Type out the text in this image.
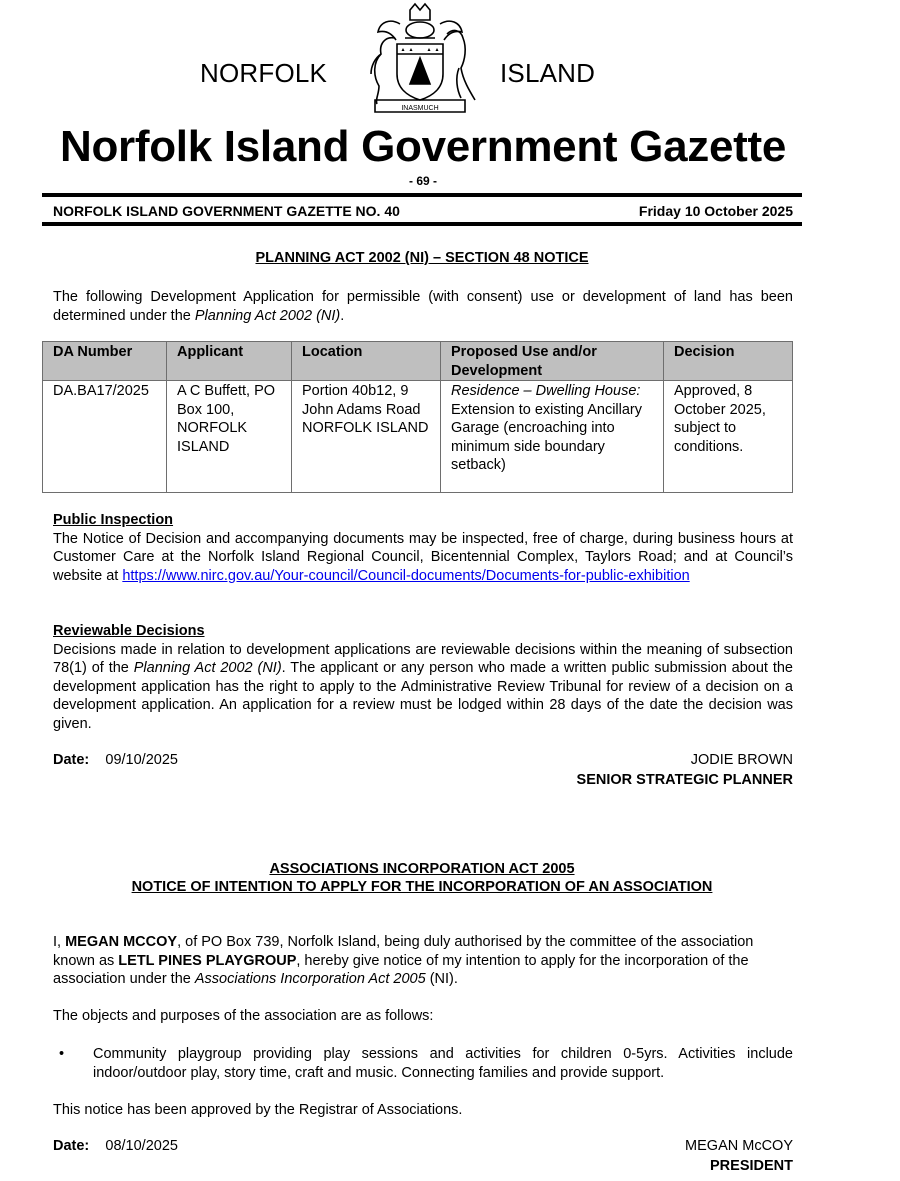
NORFOLK
INASMUCH
ISLAND
Norfolk Island Government Gazette
- 69 -
NORFOLK ISLAND GOVERNMENT GAZETTE NO. 40	Friday 10 October 2025
PLANNING ACT 2002 (NI) – SECTION 48 NOTICE
The following Development Application for permissible (with consent) use or development of land has been determined under the Planning Act 2002 (NI).
DA Number	Applicant	Location	Proposed Use and/or Development	Decision
DA.BA17/2025	A C Buffett, PO Box 100, NORFOLK ISLAND	Portion 40b12, 9 John Adams Road NORFOLK ISLAND	Residence – Dwelling House: Extension to existing Ancillary Garage (encroaching into minimum side boundary setback)	Approved, 8 October 2025, subject to conditions.
Public Inspection
The Notice of Decision and accompanying documents may be inspected, free of charge, during business hours at Customer Care at the Norfolk Island Regional Council, Bicentennial Complex, Taylors Road; and at Council’s website at https://www.nirc.gov.au/Your-council/Council-documents/Documents-for-public-exhibition
Reviewable Decisions
Decisions made in relation to development applications are reviewable decisions within the meaning of subsection 78(1) of the Planning Act 2002 (NI). The applicant or any person who made a written public submission about the development application has the right to apply to the Administrative Review Tribunal for review of a decision on a development application. An application for a review must be lodged within 28 days of the date the decision was given.
Date: 09/10/2025	JODIE BROWN
SENIOR STRATEGIC PLANNER
ASSOCIATIONS INCORPORATION ACT 2005
NOTICE OF INTENTION TO APPLY FOR THE INCORPORATION OF AN ASSOCIATION
I, MEGAN MCCOY, of PO Box 739, Norfolk Island, being duly authorised by the committee of the association known as LETL PINES PLAYGROUP, hereby give notice of my intention to apply for the incorporation of the association under the Associations Incorporation Act 2005 (NI).
The objects and purposes of the association are as follows:
•	Community playgroup providing play sessions and activities for children 0-5yrs. Activities include indoor/outdoor play, story time, craft and music. Connecting families and provide support.
This notice has been approved by the Registrar of Associations.
Date: 08/10/2025	MEGAN McCOY
PRESIDENT
